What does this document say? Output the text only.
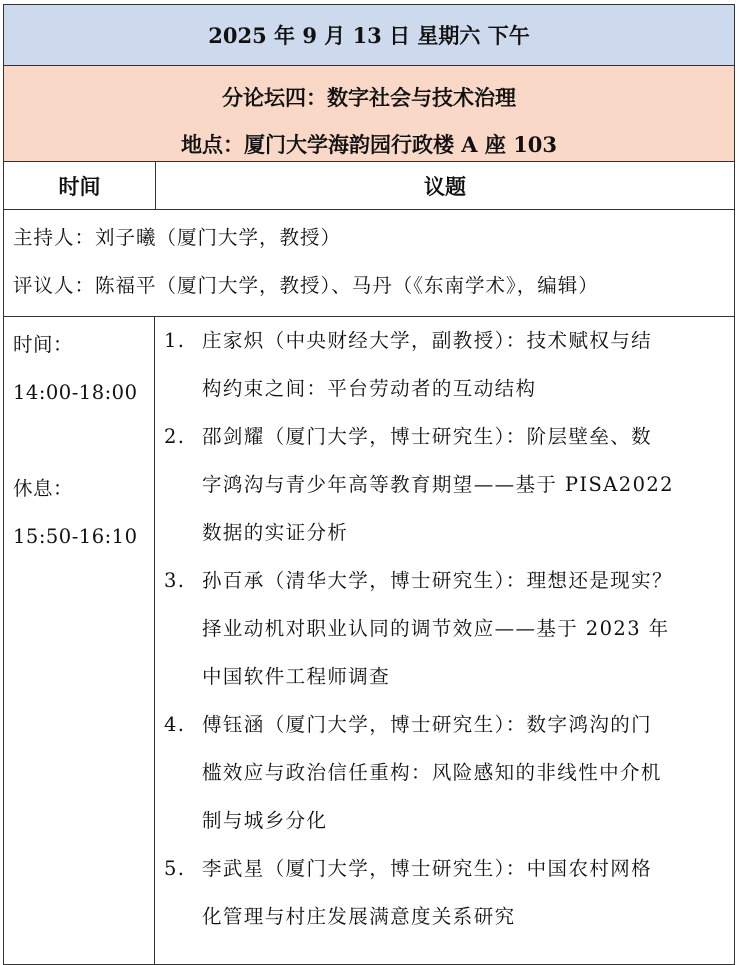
2025 年 9 月 13 日 星期六 下午
分论坛四：数字社会与技术治理
地点：厦门大学海韵园行政楼 A 座 103
时间	议题
主持人：刘子曦（厦门大学，教授）
评议人：陈福平（厦门大学，教授）、马丹（《东南学术》，编辑）
时间：
14:00-18:00
休息：
15:50-16:10
1. 庄家炽（中央财经大学，副教授）：技术赋权与结
构约束之间：平台劳动者的互动结构
2. 邵剑耀（厦门大学，博士研究生）：阶层壁垒、数
字鸿沟与青少年高等教育期望——基于 PISA2022
数据的实证分析
3. 孙百承（清华大学，博士研究生）：理想还是现实？
择业动机对职业认同的调节效应——基于 2023 年
中国软件工程师调查
4. 傅钰涵（厦门大学，博士研究生）：数字鸿沟的门
槛效应与政治信任重构：风险感知的非线性中介机
制与城乡分化
5. 李武星（厦门大学，博士研究生）：中国农村网格
化管理与村庄发展满意度关系研究
